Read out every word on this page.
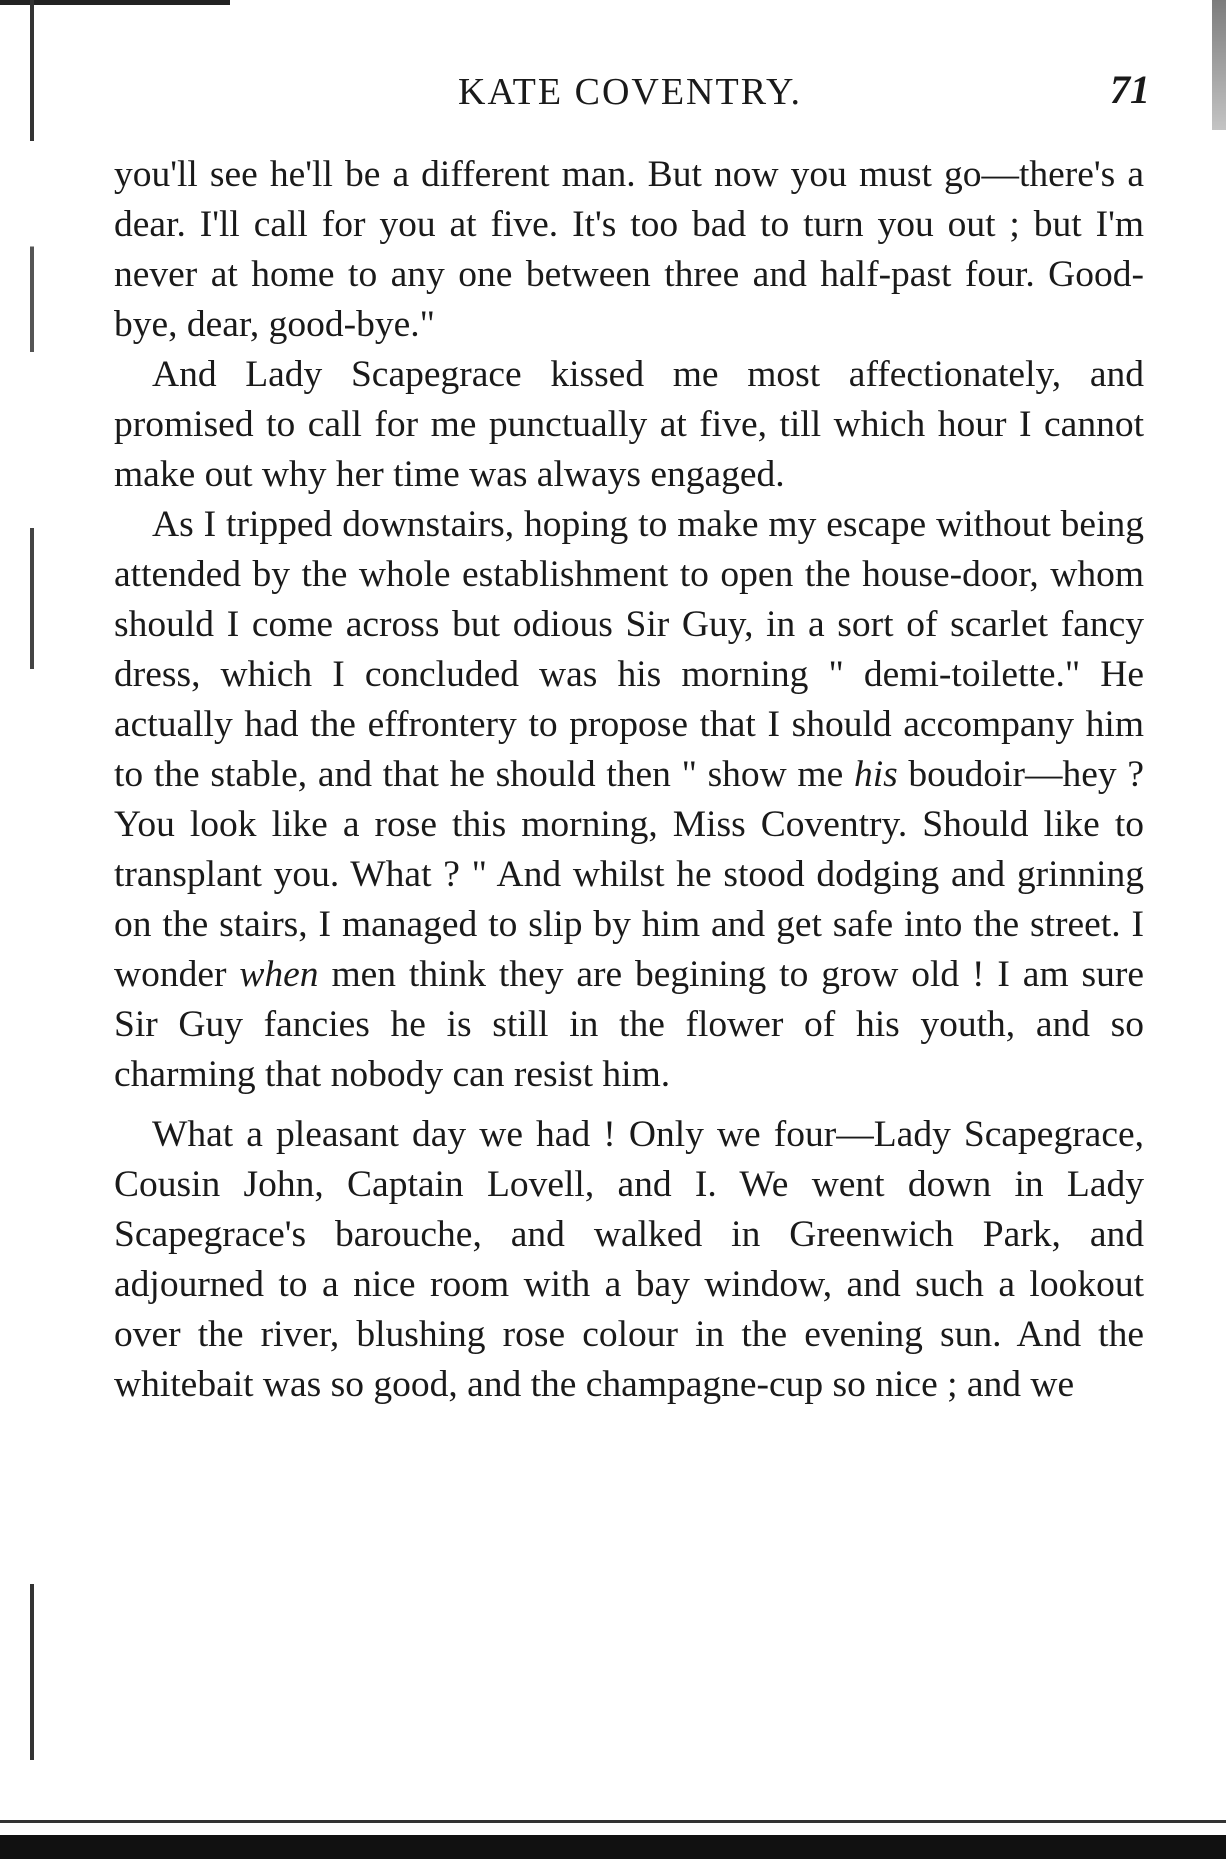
KATE COVENTRY.	71

you'll see he'll be a different man. But now you must go—there's a dear. I'll call for you at five. It's too bad to turn you out ; but I'm never at home to any one between three and half-past four. Good-bye, dear, good-bye."

And Lady Scapegrace kissed me most affectionately, and promised to call for me punctually at five, till which hour I cannot make out why her time was always engaged.

As I tripped downstairs, hoping to make my escape without being attended by the whole establishment to open the house-door, whom should I come across but odious Sir Guy, in a sort of scarlet fancy dress, which I concluded was his morning " demi-toilette." He actually had the effrontery to propose that I should accompany him to the stable, and that he should then " show me his boudoir—hey ? You look like a rose this morning, Miss Coventry. Should like to transplant you. What ? " And whilst he stood dodging and grinning on the stairs, I managed to slip by him and get safe into the street. I wonder when men think they are begining to grow old ! I am sure Sir Guy fancies he is still in the flower of his youth, and so charming that nobody can resist him.

What a pleasant day we had ! Only we four—Lady Scapegrace, Cousin John, Captain Lovell, and I. We went down in Lady Scapegrace's barouche, and walked in Greenwich Park, and adjourned to a nice room with a bay window, and such a lookout over the river, blushing rose colour in the evening sun. And the whitebait was so good, and the champagne-cup so nice ; and we
